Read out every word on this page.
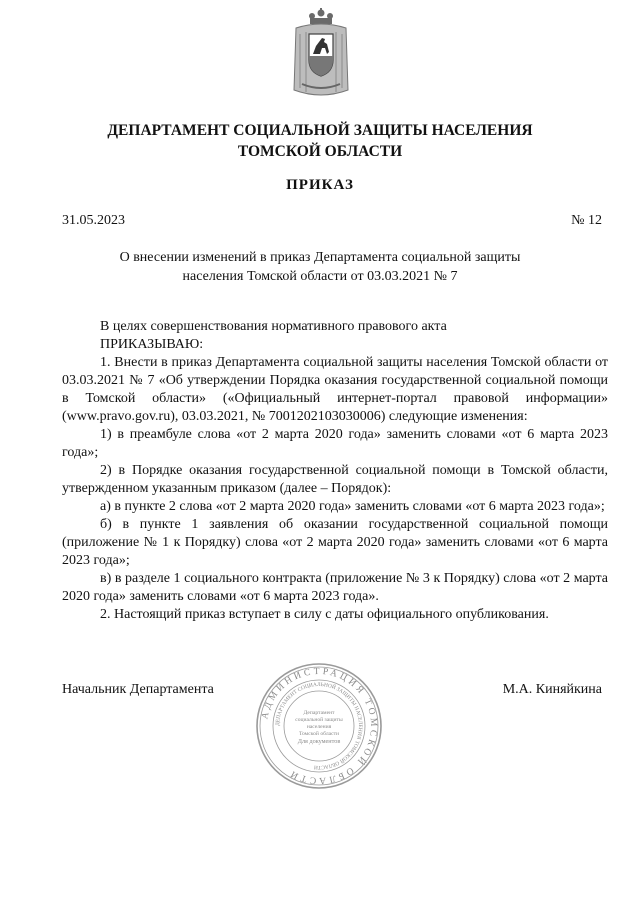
ДЕПАРТАМЕНТ СОЦИАЛЬНОЙ ЗАЩИТЫ НАСЕЛЕНИЯ
ТОМСКОЙ ОБЛАСТИ
ПРИКАЗ
31.05.2023	№ 12
О внесении изменений в приказ Департамента социальной защиты
населения Томской области от 03.03.2021 № 7

В целях совершенствования нормативного правового акта

ПРИКАЗЫВАЮ:

1. Внести в приказ Департамента социальной защиты населения Томской области от 03.03.2021 № 7 «Об утверждении Порядка оказания государственной социальной помощи в Томской области» («Официальный интернет-портал правовой информации» (www.pravo.gov.ru), 03.03.2021, № 7001202103030006) следующие изменения:

1) в преамбуле слова «от 2 марта 2020 года» заменить словами «от 6 марта 2023 года»;

2) в Порядке оказания государственной социальной помощи в Томской области, утвержденном указанным приказом (далее – Порядок):

а) в пункте 2 слова «от 2 марта 2020 года» заменить словами «от 6 марта 2023 года»;

б) в пункте 1 заявления об оказании государственной социальной помощи (приложение № 1 к Порядку) слова «от 2 марта 2020 года» заменить словами «от 6 марта 2023 года»;

в) в разделе 1 социального контракта (приложение № 3 к Порядку) слова «от 2 марта 2020 года» заменить словами «от 6 марта 2023 года».

2. Настоящий приказ вступает в силу с даты официального опубликования.

Начальник Департамента	М.А. Киняйкина
АДМИНИСТРАЦИЯ ТОМСКОЙ ОБЛАСТИ
ДЕПАРТАМЕНТ СОЦИАЛЬНОЙ ЗАЩИТЫ НАСЕЛЕНИЯ ТОМСКОЙ ОБЛАСТИ
Департамент
социальной защиты
населения
Томской области
Для документов
